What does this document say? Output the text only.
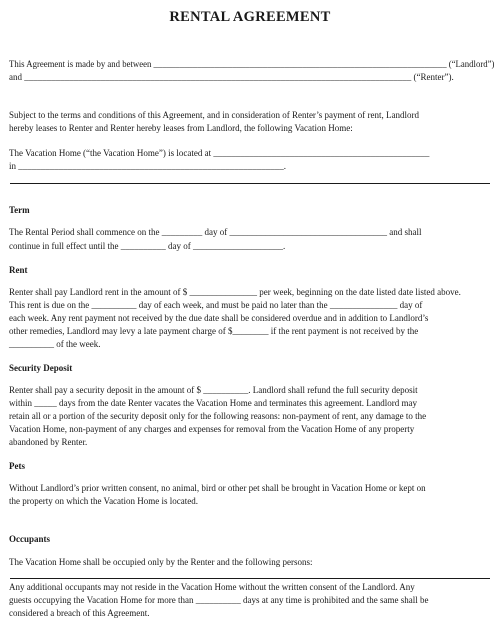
RENTAL AGREEMENT
This Agreement is made by and between ___________________________________________________________________ (“Landlord”)
and ______________________________________________________________________________________ (“Renter”).
Subject to the terms and conditions of this Agreement, and in consideration of Renter’s payment of rent, Landlord
hereby leases to Renter and Renter hereby leases from Landlord, the following Vacation Home:
The Vacation Home (“the Vacation Home”) is located at ________________________________________________
in ___________________________________________________________.
Term
The Rental Period shall commence on the _________ day of ___________________________________ and shall
continue in full effect until the __________ day of ____________________.
Rent
Renter shall pay Landlord rent in the amount of $ _______________ per week, beginning on the date listed date listed above.
This rent is due on the __________ day of each week, and must be paid no later than the _______________ day of
each week. Any rent payment not received by the due date shall be considered overdue and in addition to Landlord’s
other remedies, Landlord may levy a late payment charge of $________ if the rent payment is not received by the
__________ of the week.
Security Deposit
Renter shall pay a security deposit in the amount of $ __________. Landlord shall refund the full security deposit
within _____ days from the date Renter vacates the Vacation Home and terminates this agreement. Landlord may
retain all or a portion of the security deposit only for the following reasons: non-payment of rent, any damage to the
Vacation Home, non-payment of any charges and expenses for removal from the Vacation Home of any property
abandoned by Renter.
Pets
Without Landlord’s prior written consent, no animal, bird or other pet shall be brought in Vacation Home or kept on
the property on which the Vacation Home is located.
Occupants
The Vacation Home shall be occupied only by the Renter and the following persons:
Any additional occupants may not reside in the Vacation Home without the written consent of the Landlord. Any
guests occupying the Vacation Home for more than __________ days at any time is prohibited and the same shall be
considered a breach of this Agreement.
